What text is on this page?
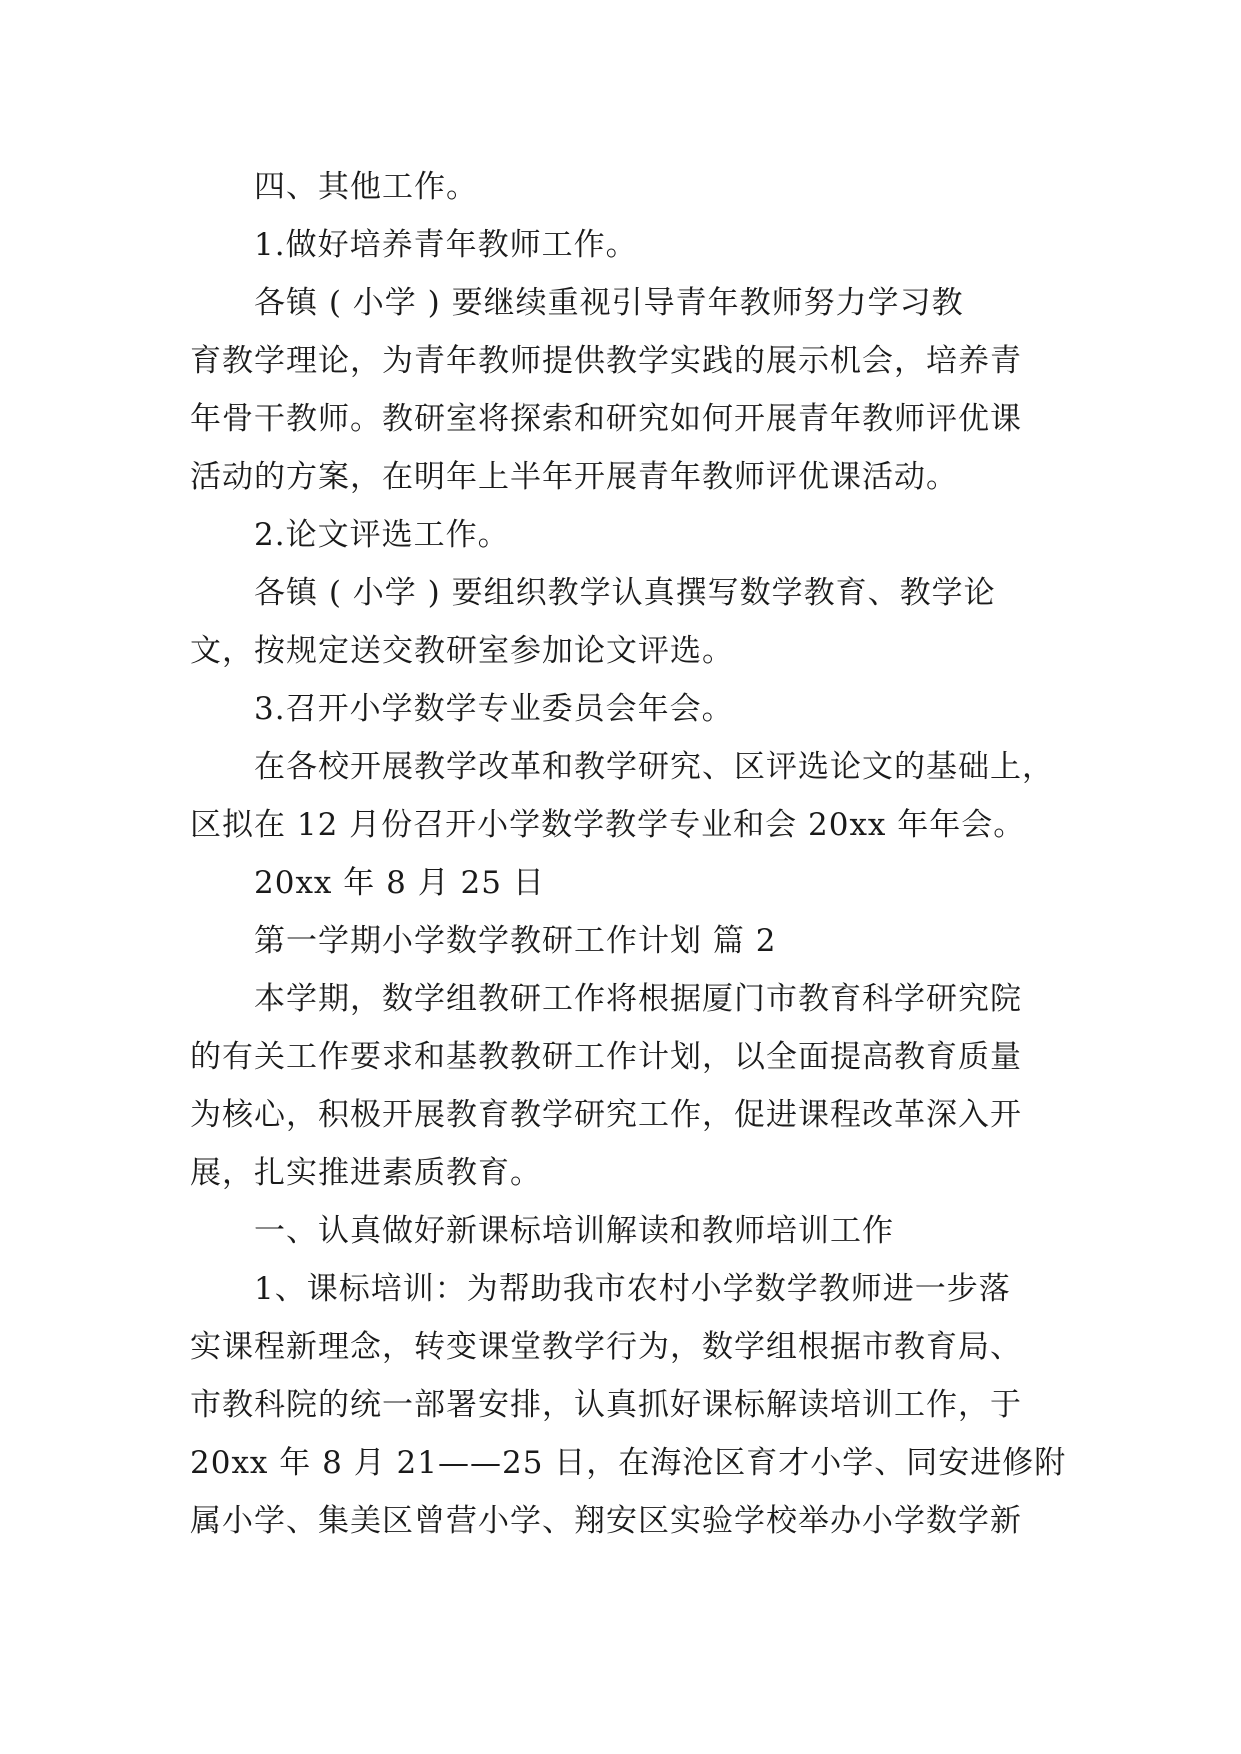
四、其他工作。
1.做好培养青年教师工作。
各镇 ( 小学 ) 要继续重视引导青年教师努力学习教
育教学理论，为青年教师提供教学实践的展示机会，培养青
年骨干教师。教研室将探索和研究如何开展青年教师评优课
活动的方案，在明年上半年开展青年教师评优课活动。
2.论文评选工作。
各镇 ( 小学 ) 要组织教学认真撰写数学教育、教学论
文，按规定送交教研室参加论文评选。
3.召开小学数学专业委员会年会。
在各校开展教学改革和教学研究、区评选论文的基础上，
区拟在 12 月份召开小学数学教学专业和会 20xx 年年会。
20xx 年 8 月 25 日
第一学期小学数学教研工作计划 篇 2
本学期，数学组教研工作将根据厦门市教育科学研究院
的有关工作要求和基教教研工作计划，以全面提高教育质量
为核心，积极开展教育教学研究工作，促进课程改革深入开
展，扎实推进素质教育。
一、认真做好新课标培训解读和教师培训工作
1、课标培训：为帮助我市农村小学数学教师进一步落
实课程新理念，转变课堂教学行为，数学组根据市教育局、
市教科院的统一部署安排，认真抓好课标解读培训工作，于
20xx 年 8 月 21——25 日，在海沧区育才小学、同安进修附
属小学、集美区曾营小学、翔安区实验学校举办小学数学新
